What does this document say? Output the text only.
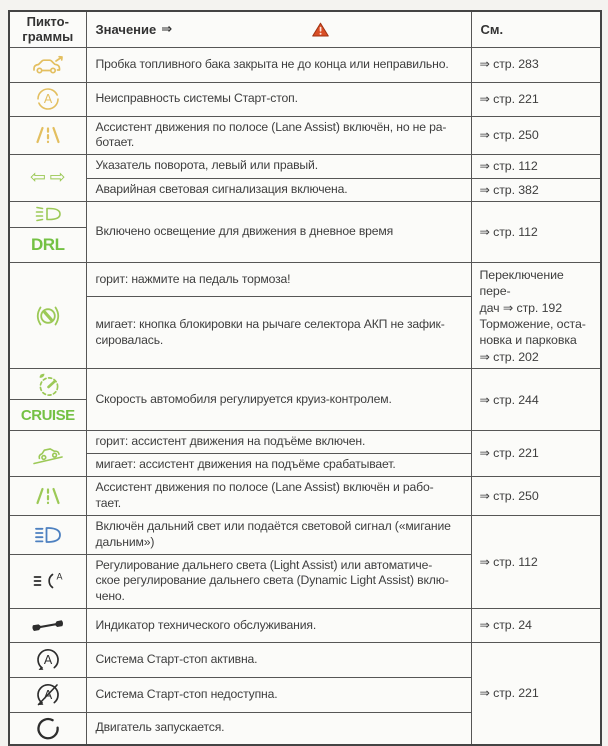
Пикто-граммы	Значение ⇒	См.

	Пробка топливного бака закрыта не до конца или неправильно.	⇒ стр. 283

A	Неисправность системы Старт-стоп.	⇒ стр. 221

	Ассистент движения по полосе (Lane Assist) включён, но не ра-
ботает.	⇒ стр. 250

⇦ ⇨	Указатель поворота, левый или правый.	⇒ стр. 112
	Аварийная световая сигнализация включена.	⇒ стр. 382

DRL	Включено освещение для движения в дневное время	⇒ стр. 112

	горит: нажмите на педаль тормоза!	Переключение пере-
дач ⇒ стр. 192
Торможение, оста-
новка и парковка
⇒ стр. 202
	мигает: кнопка блокировки на рычаге селектора АКП не зафик-
сировалась.	

CRUISE	Скорость автомобиля регулируется круиз-контролем.	⇒ стр. 244

	горит: ассистент движения на подъёме включен.	⇒ стр. 221
	мигает: ассистент движения на подъёме срабатывает.	

	Ассистент движения по полосе (Lane Assist) включён и рабо-
тает.	⇒ стр. 250

	Включён дальний свет или подаётся световой сигнал («мигание
дальним»)	⇒ стр. 112

A	Регулирование дальнего света (Light Assist) или автоматиче-
ское регулирование дальнего света (Dynamic Light Assist) вклю-
чено.	

	Индикатор технического обслуживания.	⇒ стр. 24

A	Система Старт-стоп активна.	⇒ стр. 221

A	Система Старт-стоп недоступна.	

	Двигатель запускается.	
